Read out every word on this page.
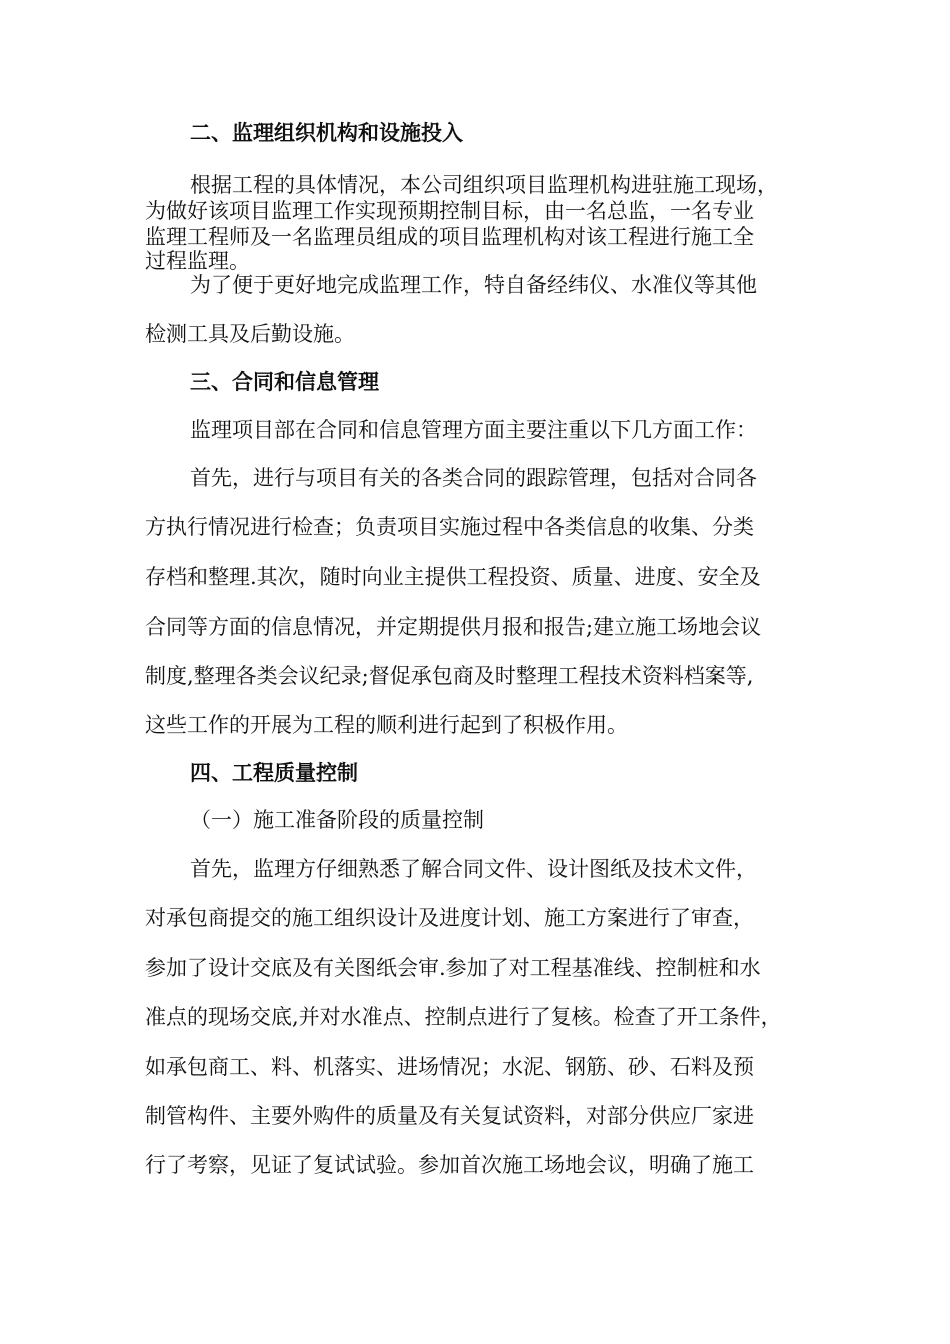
二、监理组织机构和设施投入

根据工程的具体情况，本公司组织项目监理机构进驻施工现场，

为做好该项目监理工作实现预期控制目标，由一名总监，一名专业

监理工程师及一名监理员组成的项目监理机构对该工程进行施工全

过程监理。

为了便于更好地完成监理工作，特自备经纬仪、水准仪等其他

检测工具及后勤设施。

三、合同和信息管理

监理项目部在合同和信息管理方面主要注重以下几方面工作：

首先，进行与项目有关的各类合同的跟踪管理，包括对合同各

方执行情况进行检查；负责项目实施过程中各类信息的收集、分类

存档和整理.其次，随时向业主提供工程投资、质量、进度、安全及

合同等方面的信息情况，并定期提供月报和报告;建立施工场地会议

制度,整理各类会议纪录;督促承包商及时整理工程技术资料档案等,

这些工作的开展为工程的顺利进行起到了积极作用。

四、工程质量控制

（一）施工准备阶段的质量控制

首先，监理方仔细熟悉了解合同文件、设计图纸及技术文件，

对承包商提交的施工组织设计及进度计划、施工方案进行了审查，

参加了设计交底及有关图纸会审.参加了对工程基准线、控制桩和水

准点的现场交底,并对水准点、控制点进行了复核。检查了开工条件，

如承包商工、料、机落实、进场情况；水泥、钢筋、砂、石料及预

制管构件、主要外购件的质量及有关复试资料，对部分供应厂家进

行了考察，见证了复试试验。参加首次施工场地会议，明确了施工
